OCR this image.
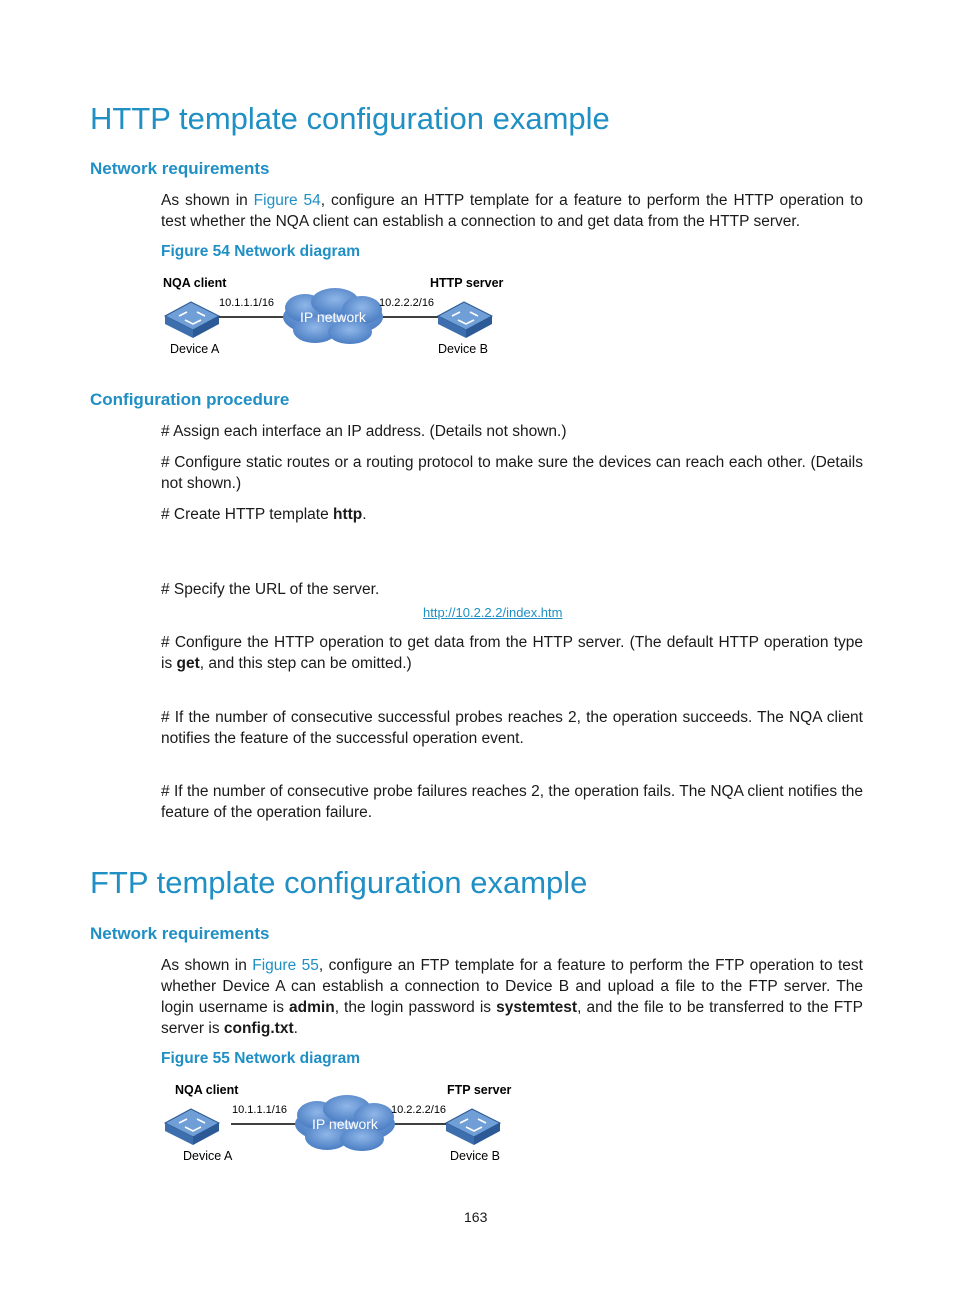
HTTP template configuration example
Network requirements

As shown in Figure 54, configure an HTTP template for a feature to perform the HTTP operation to test whether the NQA client can establish a connection to and get data from the HTTP server.

Figure 54 Network diagram
IP network
NQA client	HTTP server
10.1.1.1/16	10.2.2.2/16
Device A	Device B
Configuration procedure

# Assign each interface an IP address. (Details not shown.)

# Configure static routes or a routing protocol to make sure the devices can reach each other. (Details not shown.)

# Create HTTP template http.

# Specify the URL of the server.

http://10.2.2.2/index.htm

# Configure the HTTP operation to get data from the HTTP server. (The default HTTP operation type is get, and this step can be omitted.)

# If the number of consecutive successful probes reaches 2, the operation succeeds. The NQA client notifies the feature of the successful operation event.

# If the number of consecutive probe failures reaches 2, the operation fails. The NQA client notifies the feature of the operation failure.

FTP template configuration example
Network requirements

As shown in Figure 55, configure an FTP template for a feature to perform the FTP operation to test whether Device A can establish a connection to Device B and upload a file to the FTP server. The login username is admin, the login password is systemtest, and the file to be transferred to the FTP server is config.txt.

Figure 55 Network diagram
IP network
NQA client	FTP server
10.1.1.1/16	10.2.2.2/16
Device A	Device B
163
